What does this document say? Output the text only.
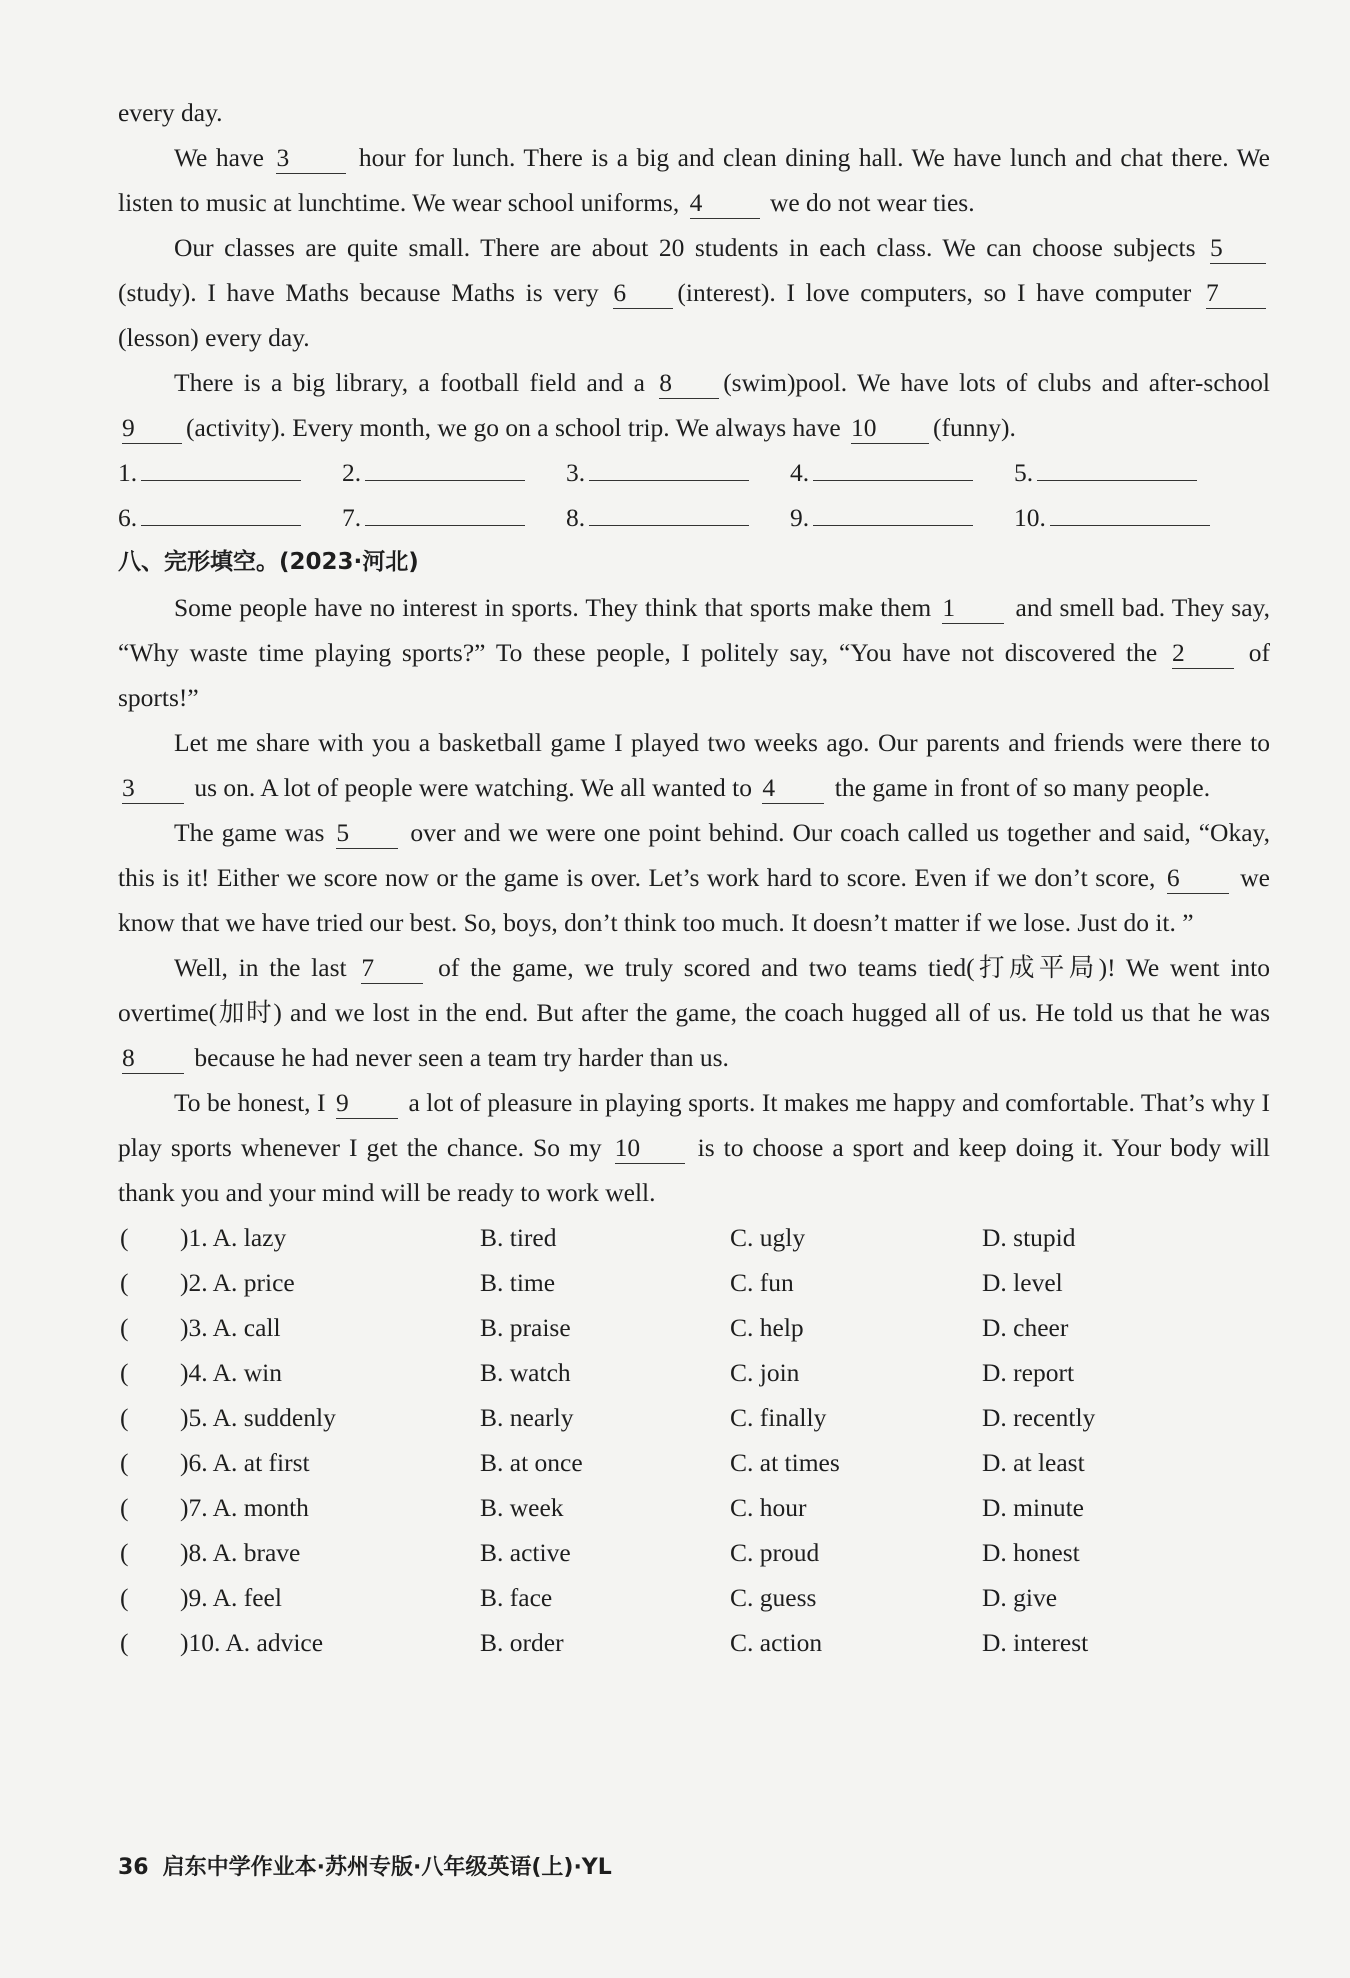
every day.

We have 3 hour for lunch. There is a big and clean dining hall. We have lunch and chat there. We listen to music at lunchtime. We wear school uniforms, 4 we do not wear ties.

Our classes are quite small. There are about 20 students in each class. We can choose subjects 5(study). I have Maths because Maths is very 6 (interest). I love computers, so I have computer 7(lesson) every day.

There is a big library, a football field and a 8 (swim)pool. We have lots of clubs and after-school 9 (activity). Every month, we go on a school trip. We always have 10 (funny).

1.	2.	3.	4.	5.
6.	7.	8.	9.	10.
八、完形填空。(2023·河北)

Some people have no interest in sports. They think that sports make them 1 and smell bad. They say, “Why waste time playing sports?” To these people, I politely say, “You have not discovered the 2 of sports!”

Let me share with you a basketball game I played two weeks ago. Our parents and friends were there to 3 us on. A lot of people were watching. We all wanted to 4 the game in front of so many people.

The game was 5 over and we were one point behind. Our coach called us together and said, “Okay, this is it! Either we score now or the game is over. Let’s work hard to score. Even if we don’t score, 6 we know that we have tried our best. So, boys, don’t think too much. It doesn’t matter if we lose. Just do it. ”

Well, in the last 7 of the game, we truly scored and two teams tied(打成平局)! We went into overtime(加时) and we lost in the end. But after the game, the coach hugged all of us. He told us that he was 8 because he had never seen a team try harder than us.

To be honest, I 9 a lot of pleasure in playing sports. It makes me happy and comfortable. That’s why I play sports whenever I get the chance. So my 10 is to choose a sport and keep doing it. Your body will thank you and your mind will be ready to work well.

(	)1. A. lazy	B. tired	C. ugly	D. stupid
(	)2. A. price	B. time	C. fun	D. level
(	)3. A. call	B. praise	C. help	D. cheer
(	)4. A. win	B. watch	C. join	D. report
(	)5. A. suddenly	B. nearly	C. finally	D. recently
(	)6. A. at first	B. at once	C. at times	D. at least
(	)7. A. month	B. week	C. hour	D. minute
(	)8. A. brave	B. active	C. proud	D. honest
(	)9. A. feel	B. face	C. guess	D. give
(	)10. A. advice	B. order	C. action	D. interest
36 启东中学作业本·苏州专版·八年级英语(上)·YL
